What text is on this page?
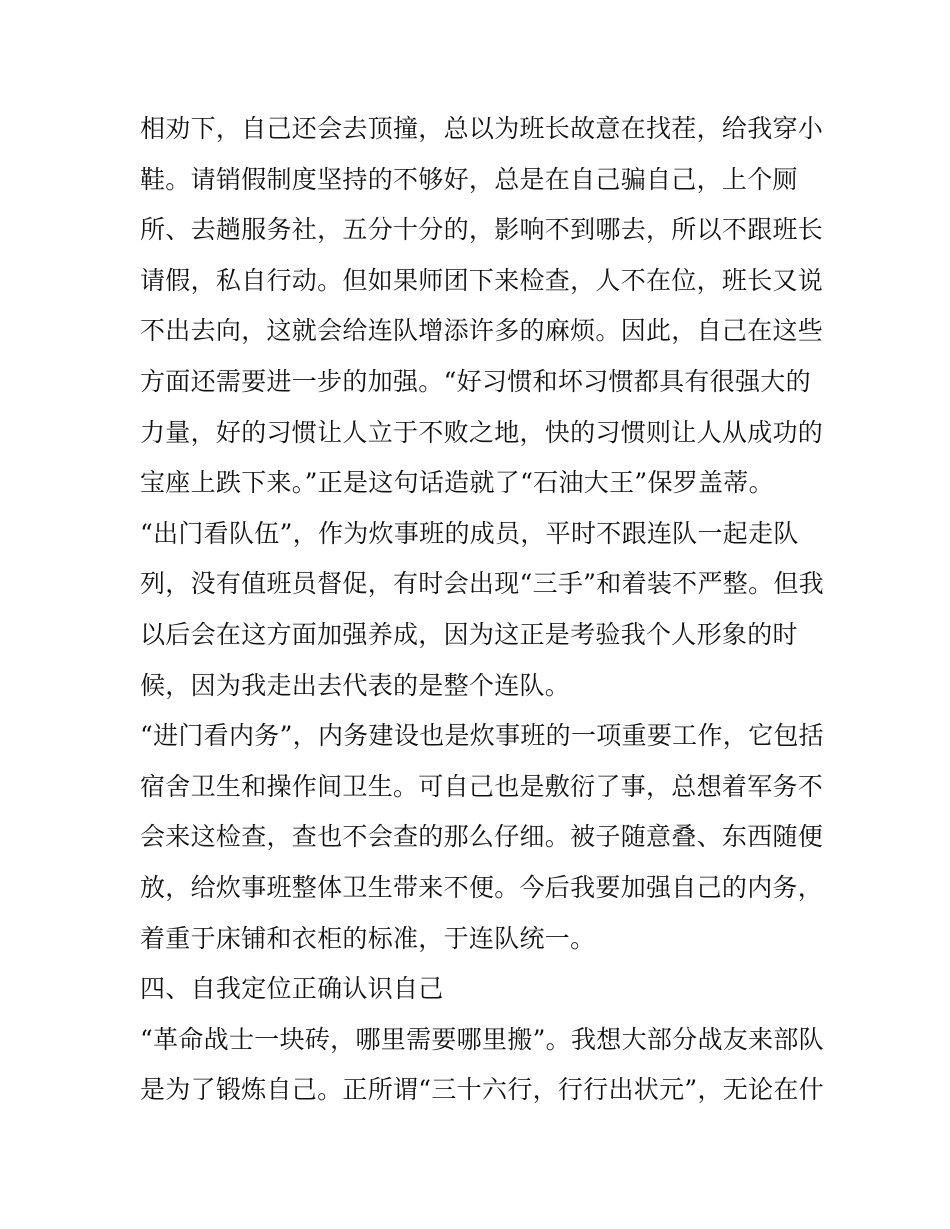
相劝下，自己还会去顶撞，总以为班长故意在找茬，给我穿小
鞋。请销假制度坚持的不够好，总是在自己骗自己，上个厕
所、去趟服务社，五分十分的，影响不到哪去，所以不跟班长
请假，私自行动。但如果师团下来检查，人不在位，班长又说
不出去向，这就会给连队增添许多的麻烦。因此，自己在这些
方面还需要进一步的加强。“好习惯和坏习惯都具有很强大的
力量，好的习惯让人立于不败之地，快的习惯则让人从成功的
宝座上跌下来。”正是这句话造就了“石油大王”保罗盖蒂。
“出门看队伍”，作为炊事班的成员，平时不跟连队一起走队
列，没有值班员督促，有时会出现“三手”和着装不严整。但我
以后会在这方面加强养成，因为这正是考验我个人形象的时
候，因为我走出去代表的是整个连队。
“进门看内务”，内务建设也是炊事班的一项重要工作，它包括
宿舍卫生和操作间卫生。可自己也是敷衍了事，总想着军务不
会来这检查，查也不会查的那么仔细。被子随意叠、东西随便
放，给炊事班整体卫生带来不便。今后我要加强自己的内务，
着重于床铺和衣柜的标准，于连队统一。
四、自我定位正确认识自己
“革命战士一块砖，哪里需要哪里搬”。我想大部分战友来部队
是为了锻炼自己。正所谓“三十六行，行行出状元”，无论在什
